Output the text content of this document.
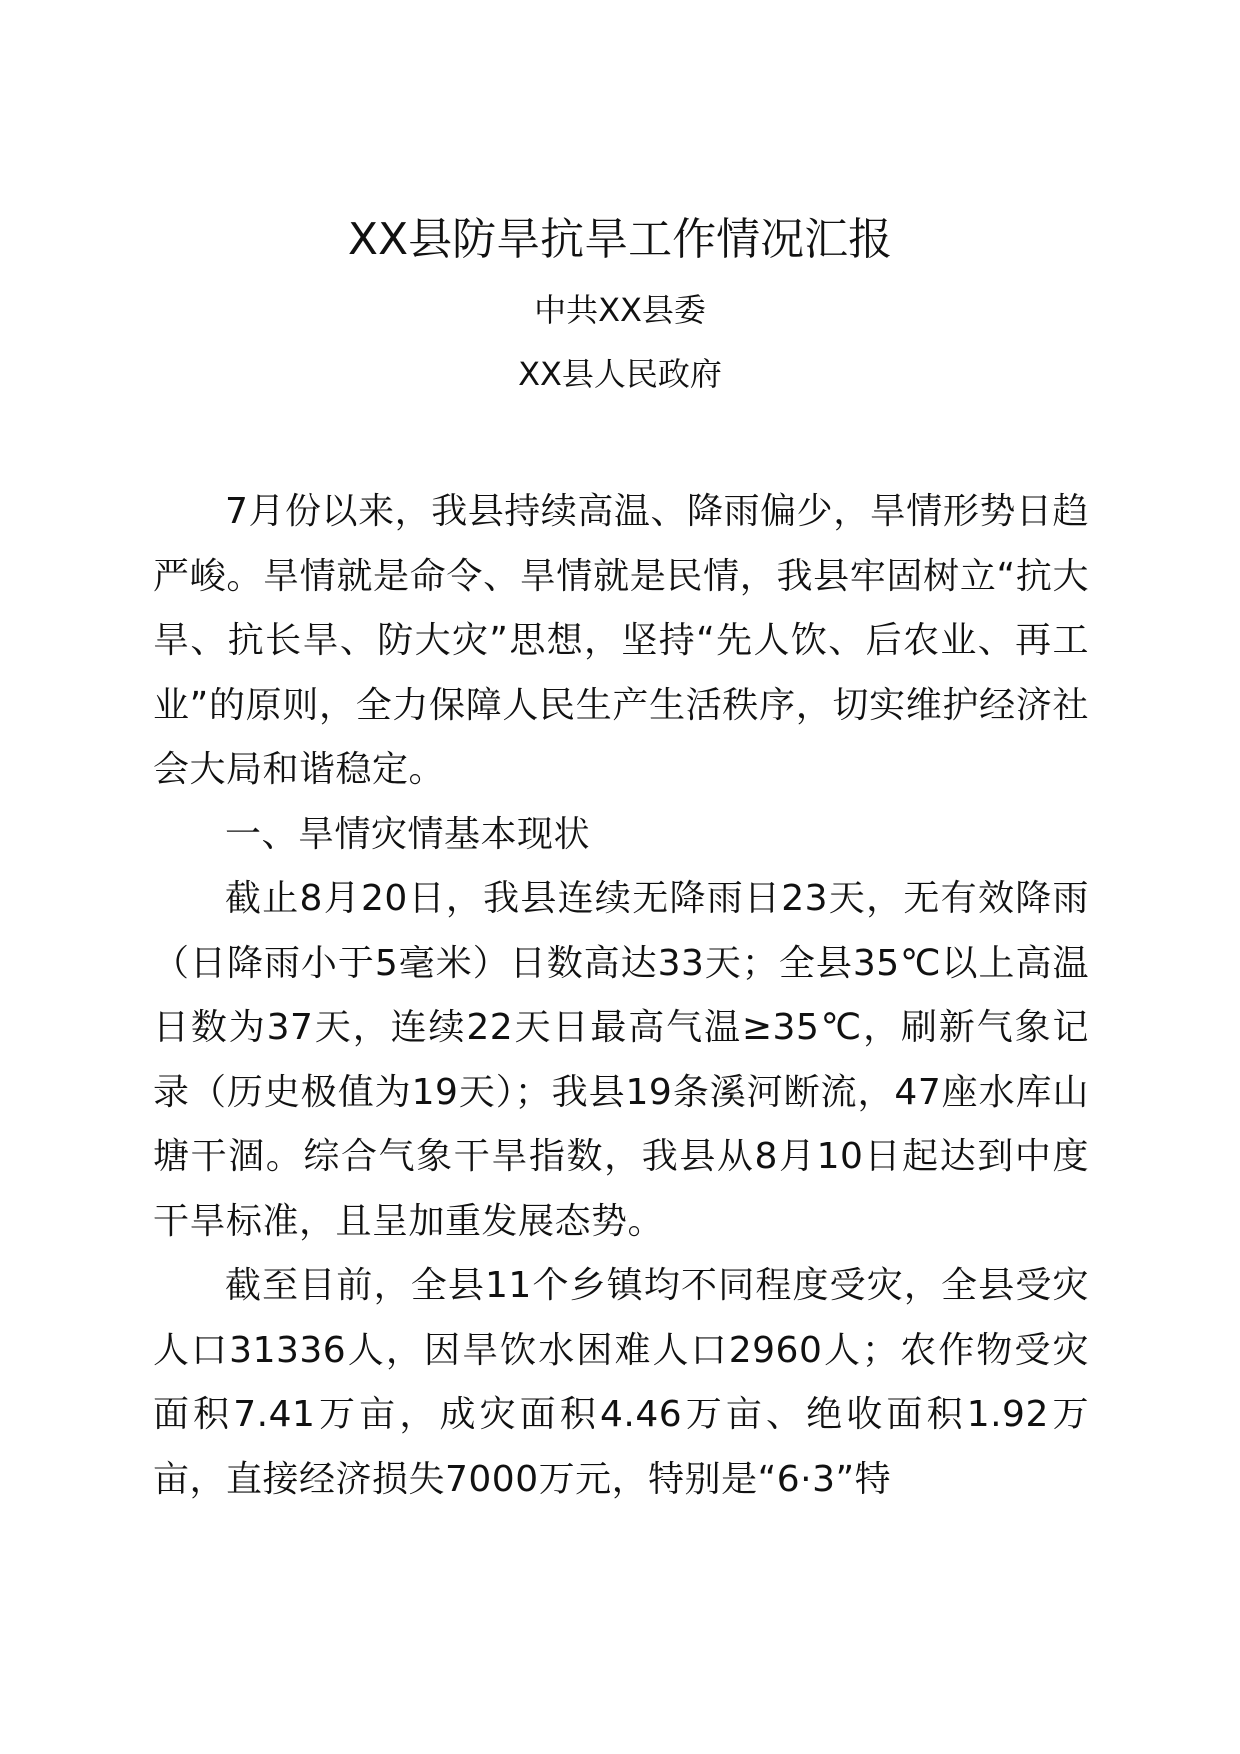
XX县防旱抗旱工作情况汇报

中共XX县委

XX县人民政府

7月份以来，我县持续高温、降雨偏少，旱情形势日趋严峻。旱情就是命令、旱情就是民情，我县牢固树立“抗大旱、抗长旱、防大灾”思想，坚持“先人饮、后农业、再工业”的原则，全力保障人民生产生活秩序，切实维护经济社会大局和谐稳定。

一、旱情灾情基本现状

截止8月20日，我县连续无降雨日23天，无有效降雨（日降雨小于5毫米）日数高达33天；全县35℃以上高温日数为37天，连续22天日最高气温≥35℃，刷新气象记录（历史极值为19天）；我县19条溪河断流，47座水库山塘干涸。综合气象干旱指数，我县从8月10日起达到中度干旱标准，且呈加重发展态势。

截至目前，全县11个乡镇均不同程度受灾，全县受灾人口31336人，因旱饮水困难人口2960人；农作物受灾面积7.41万亩，成灾面积4.46万亩、绝收面积1.92万亩，直接经济损失7000万元，特别是“6·3”特
